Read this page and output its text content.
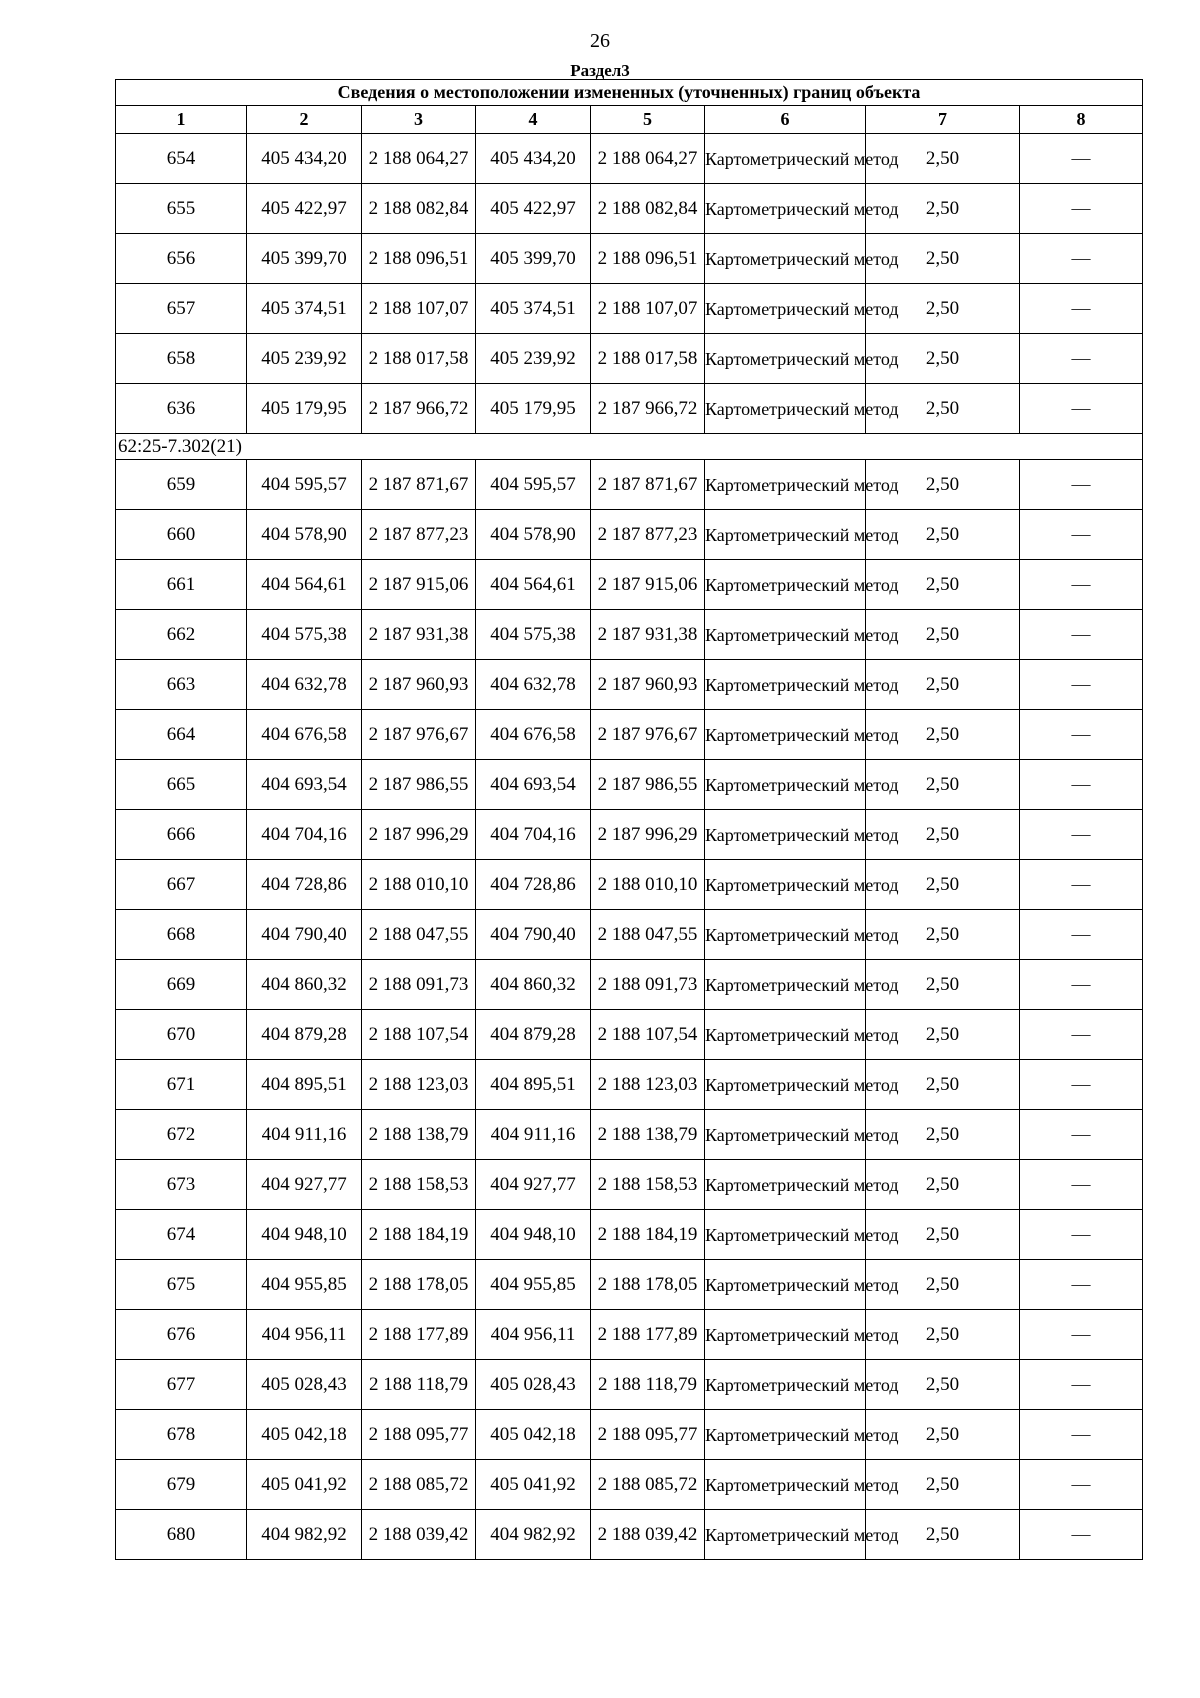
26
Раздел3
Сведения о местоположении измененных (уточненных) границ объекта							
1	2	3	4	5	6	7	8
654	405 434,20	2 188 064,27	405 434,20	2 188 064,27	Картометрический метод	2,50	—
655	405 422,97	2 188 082,84	405 422,97	2 188 082,84	Картометрический метод	2,50	—
656	405 399,70	2 188 096,51	405 399,70	2 188 096,51	Картометрический метод	2,50	—
657	405 374,51	2 188 107,07	405 374,51	2 188 107,07	Картометрический метод	2,50	—
658	405 239,92	2 188 017,58	405 239,92	2 188 017,58	Картометрический метод	2,50	—
636	405 179,95	2 187 966,72	405 179,95	2 187 966,72	Картометрический метод	2,50	—
62:25-7.302(21)							
659	404 595,57	2 187 871,67	404 595,57	2 187 871,67	Картометрический метод	2,50	—
660	404 578,90	2 187 877,23	404 578,90	2 187 877,23	Картометрический метод	2,50	—
661	404 564,61	2 187 915,06	404 564,61	2 187 915,06	Картометрический метод	2,50	—
662	404 575,38	2 187 931,38	404 575,38	2 187 931,38	Картометрический метод	2,50	—
663	404 632,78	2 187 960,93	404 632,78	2 187 960,93	Картометрический метод	2,50	—
664	404 676,58	2 187 976,67	404 676,58	2 187 976,67	Картометрический метод	2,50	—
665	404 693,54	2 187 986,55	404 693,54	2 187 986,55	Картометрический метод	2,50	—
666	404 704,16	2 187 996,29	404 704,16	2 187 996,29	Картометрический метод	2,50	—
667	404 728,86	2 188 010,10	404 728,86	2 188 010,10	Картометрический метод	2,50	—
668	404 790,40	2 188 047,55	404 790,40	2 188 047,55	Картометрический метод	2,50	—
669	404 860,32	2 188 091,73	404 860,32	2 188 091,73	Картометрический метод	2,50	—
670	404 879,28	2 188 107,54	404 879,28	2 188 107,54	Картометрический метод	2,50	—
671	404 895,51	2 188 123,03	404 895,51	2 188 123,03	Картометрический метод	2,50	—
672	404 911,16	2 188 138,79	404 911,16	2 188 138,79	Картометрический метод	2,50	—
673	404 927,77	2 188 158,53	404 927,77	2 188 158,53	Картометрический метод	2,50	—
674	404 948,10	2 188 184,19	404 948,10	2 188 184,19	Картометрический метод	2,50	—
675	404 955,85	2 188 178,05	404 955,85	2 188 178,05	Картометрический метод	2,50	—
676	404 956,11	2 188 177,89	404 956,11	2 188 177,89	Картометрический метод	2,50	—
677	405 028,43	2 188 118,79	405 028,43	2 188 118,79	Картометрический метод	2,50	—
678	405 042,18	2 188 095,77	405 042,18	2 188 095,77	Картометрический метод	2,50	—
679	405 041,92	2 188 085,72	405 041,92	2 188 085,72	Картометрический метод	2,50	—
680	404 982,92	2 188 039,42	404 982,92	2 188 039,42	Картометрический метод	2,50	—
